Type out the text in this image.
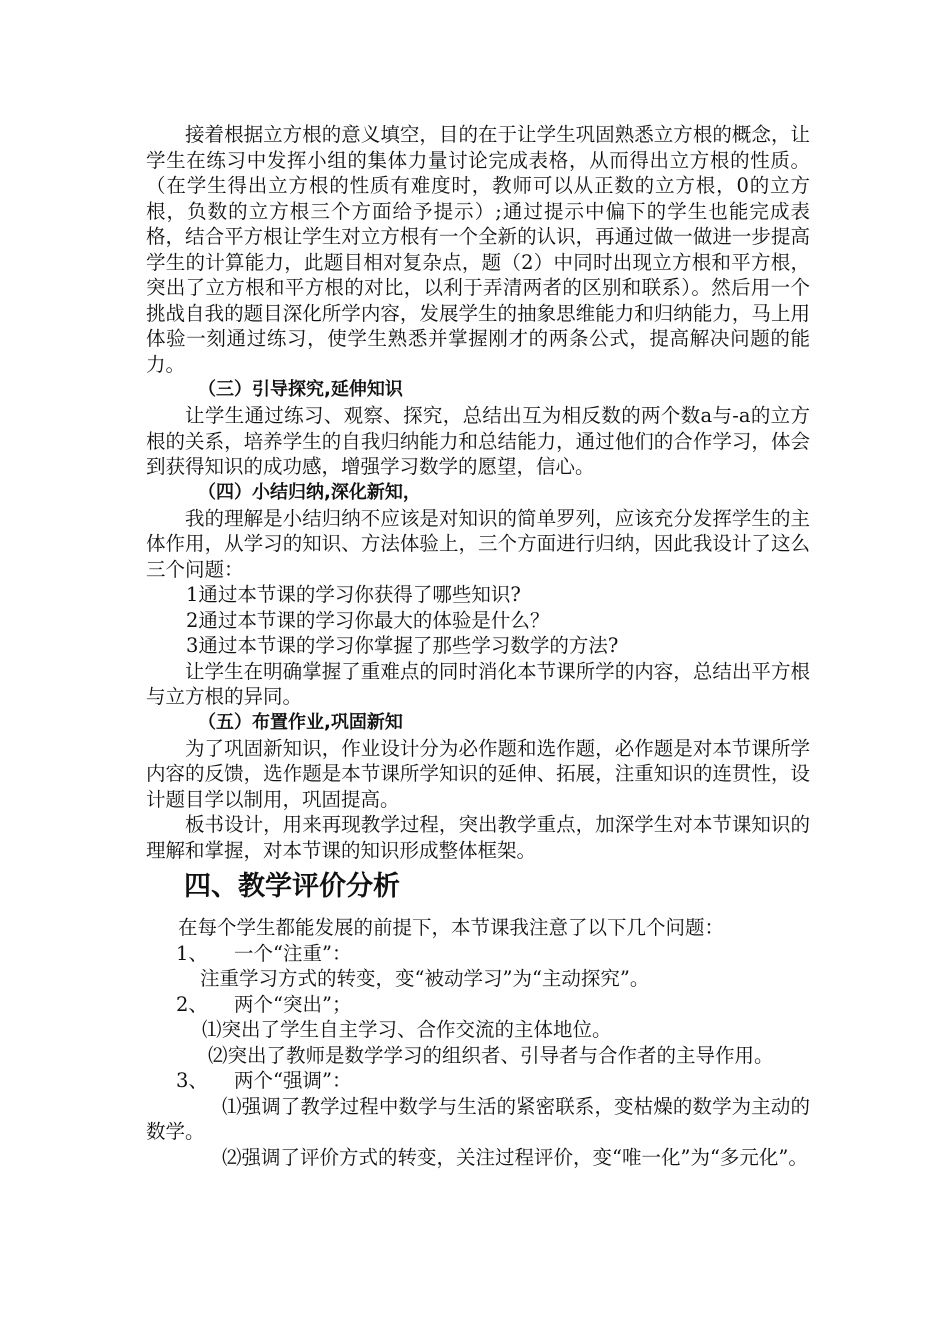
接着根据立方根的意义填空，目的在于让学生巩固熟悉立方根的概念，让学生在练习中发挥小组的集体力量讨论完成表格，从而得出立方根的性质。（在学生得出立方根的性质有难度时，教师可以从正数的立方根，0的立方根，负数的立方根三个方面给予提示）;通过提示中偏下的学生也能完成表格，结合平方根让学生对立方根有一个全新的认识，再通过做一做进一步提高学生的计算能力，此题目相对复杂点，题（2）中同时出现立方根和平方根，突出了立方根和平方根的对比，以利于弄清两者的区别和联系）。然后用一个挑战自我的题目深化所学内容，发展学生的抽象思维能力和归纳能力，马上用体验一刻通过练习，使学生熟悉并掌握刚才的两条公式，提高解决问题的能力。

（三）引导探究,延伸知识

让学生通过练习、观察、探究，总结出互为相反数的两个数a与-a的立方根的关系，培养学生的自我归纳能力和总结能力，通过他们的合作学习，体会到获得知识的成功感，增强学习数学的愿望，信心。

（四）小结归纳,深化新知，

我的理解是小结归纳不应该是对知识的简单罗列，应该充分发挥学生的主体作用，从学习的知识、方法体验上，三个方面进行归纳，因此我设计了这么三个问题：

1通过本节课的学习你获得了哪些知识?

2通过本节课的学习你最大的体验是什么？

3通过本节课的学习你掌握了那些学习数学的方法?

让学生在明确掌握了重难点的同时消化本节课所学的内容，总结出平方根与立方根的异同。

（五）布置作业,巩固新知

为了巩固新知识，作业设计分为必作题和选作题，必作题是对本节课所学内容的反馈，选作题是本节课所学知识的延伸、拓展，注重知识的连贯性，设计题目学以制用，巩固提高。

板书设计，用来再现教学过程，突出教学重点，加深学生对本节课知识的理解和掌握，对本节课的知识形成整体框架。

四、教学评价分析

在每个学生都能发展的前提下，本节课我注意了以下几个问题：

1、 一个“注重”：

注重学习方式的转变，变“被动学习”为“主动探究”。

2、 两个“突出”；

⑴突出了学生自主学习、合作交流的主体地位。

⑵突出了教师是数学学习的组织者、引导者与合作者的主导作用。

3、 两个“强调”：

⑴强调了教学过程中数学与生活的紧密联系，变枯燥的数学为主动的数学。

⑵强调了评价方式的转变，关注过程评价，变“唯一化”为“多元化”。
